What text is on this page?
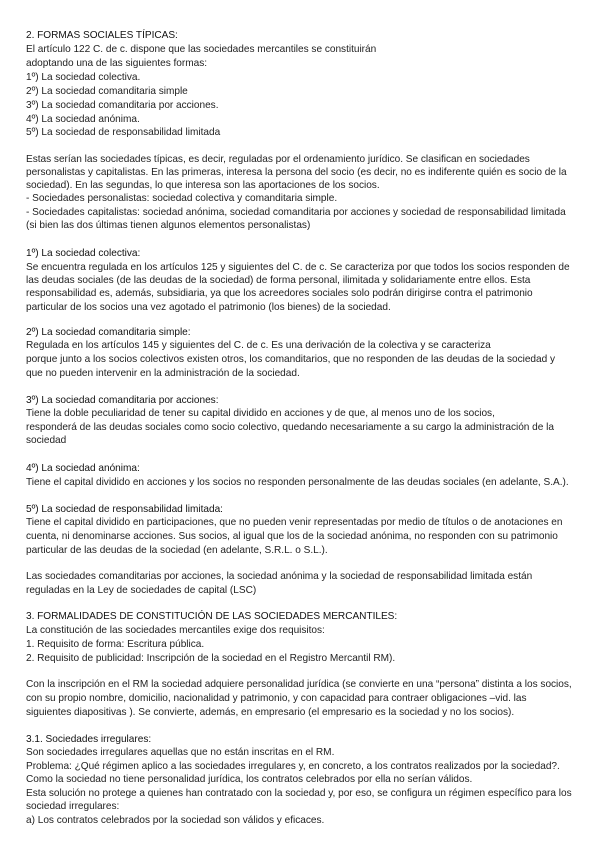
2. FORMAS SOCIALES TÍPICAS:

El artículo 122 C. de c. dispone que las sociedades mercantiles se constituirán

adoptando una de las siguientes formas:

1º) La sociedad colectiva.

2º) La sociedad comanditaria simple

3º) La sociedad comanditaria por acciones.

4º) La sociedad anónima.

5º) La sociedad de responsabilidad limitada

Estas serían las sociedades típicas, es decir, reguladas por el ordenamiento jurídico. Se clasifican en sociedades

personalistas y capitalistas. En las primeras, interesa la persona del socio (es decir, no es indiferente quién es socio de la

sociedad). En las segundas, lo que interesa son las aportaciones de los socios.

- Sociedades personalistas: sociedad colectiva y comanditaria simple.

- Sociedades capitalistas: sociedad anónima, sociedad comanditaria por acciones y sociedad de responsabilidad limitada

(si bien las dos últimas tienen algunos elementos personalistas)

1º) La sociedad colectiva:

Se encuentra regulada en los artículos 125 y siguientes del C. de c. Se caracteriza por que todos los socios responden de

las deudas sociales (de las deudas de la sociedad) de forma personal, ilimitada y solidariamente entre ellos. Esta

responsabilidad es, además, subsidiaria, ya que los acreedores sociales solo podrán dirigirse contra el patrimonio

particular de los socios una vez agotado el patrimonio (los bienes) de la sociedad.

2º) La sociedad comanditaria simple:

Regulada en los artículos 145 y siguientes del C. de c. Es una derivación de la colectiva y se caracteriza

porque junto a los socios colectivos existen otros, los comanditarios, que no responden de las deudas de la sociedad y

que no pueden intervenir en la administración de la sociedad.

3º) La sociedad comanditaria por acciones:

Tiene la doble peculiaridad de tener su capital dividido en acciones y de que, al menos uno de los socios,

responderá de las deudas sociales como socio colectivo, quedando necesariamente a su cargo la administración de la

sociedad

4º) La sociedad anónima:

Tiene el capital dividido en acciones y los socios no responden personalmente de las deudas sociales (en adelante, S.A.).

5º) La sociedad de responsabilidad limitada:

Tiene el capital dividido en participaciones, que no pueden venir representadas por medio de títulos o de anotaciones en

cuenta, ni denominarse acciones. Sus socios, al igual que los de la sociedad anónima, no responden con su patrimonio

particular de las deudas de la sociedad (en adelante, S.R.L. o S.L.).

Las sociedades comanditarias por acciones, la sociedad anónima y la sociedad de responsabilidad limitada están

reguladas en la Ley de sociedades de capital (LSC)

3. FORMALIDADES DE CONSTITUCIÓN DE LAS SOCIEDADES MERCANTILES:

La constitución de las sociedades mercantiles exige dos requisitos:

1. Requisito de forma: Escritura pública.

2. Requisito de publicidad: Inscripción de la sociedad en el Registro Mercantil RM).

Con la inscripción en el RM la sociedad adquiere personalidad jurídica (se convierte en una “persona” distinta a los socios,

con su propio nombre, domicilio, nacionalidad y patrimonio, y con capacidad para contraer obligaciones –vid. las

siguientes diapositivas ). Se convierte, además, en empresario (el empresario es la sociedad y no los socios).

3.1. Sociedades irregulares:

Son sociedades irregulares aquellas que no están inscritas en el RM.

Problema: ¿Qué régimen aplico a las sociedades irregulares y, en concreto, a los contratos realizados por la sociedad?.

Como la sociedad no tiene personalidad jurídica, los contratos celebrados por ella no serían válidos.

Esta solución no protege a quienes han contratado con la sociedad y, por eso, se configura un régimen específico para los

sociedad irregulares:

a) Los contratos celebrados por la sociedad son válidos y eficaces.
